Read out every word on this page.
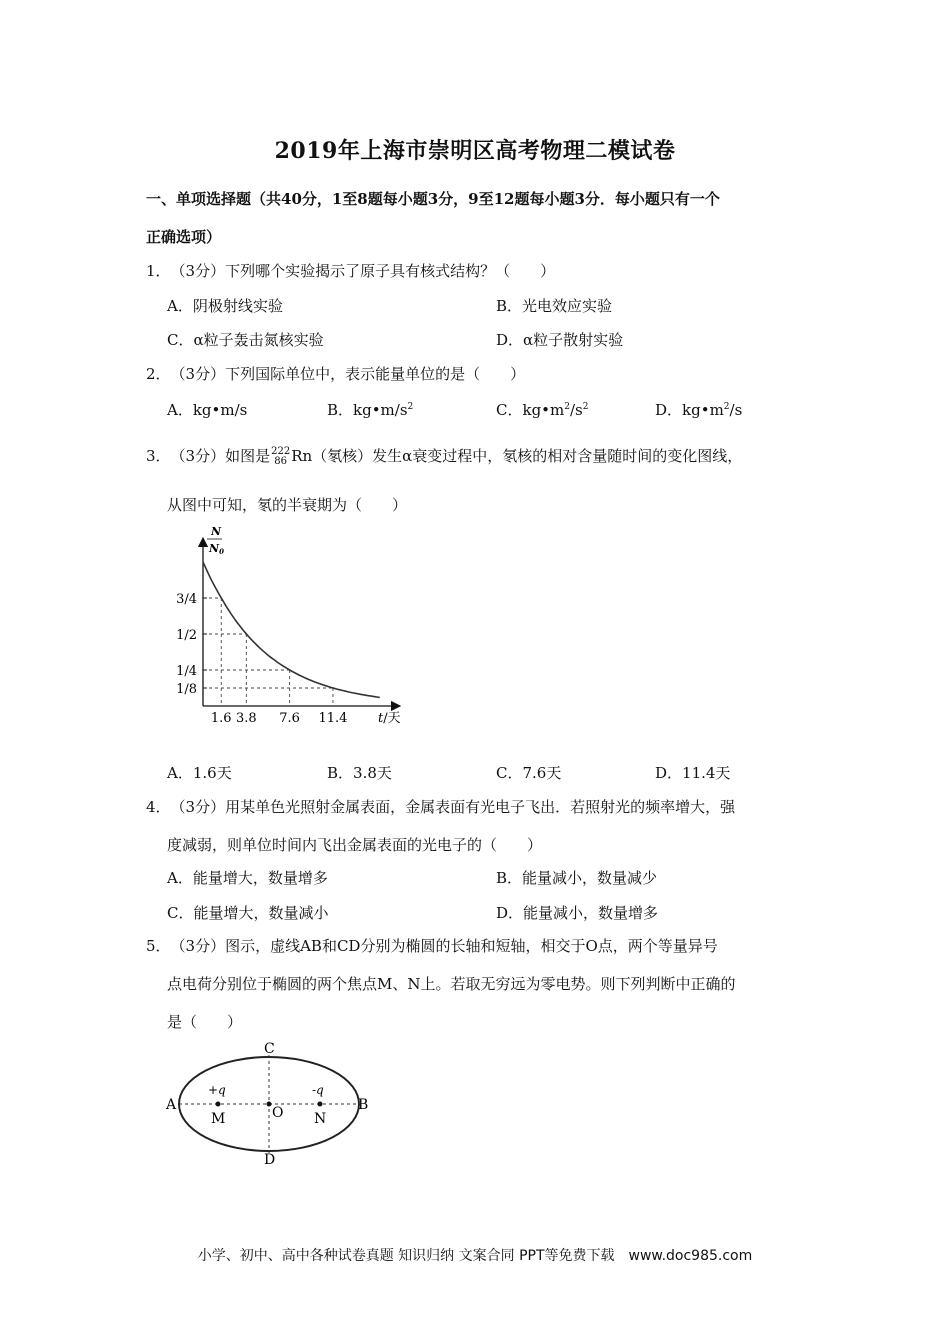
2019年上海市崇明区高考物理二模试卷
一、单项选择题（共40分，1至8题每小题3分，9至12题每小题3分．每小题只有一个
正确选项）
1．（3分）下列哪个实验揭示了原子具有核式结构？（　　）
A．阴极射线实验	B．光电效应实验
C．α粒子轰击氮核实验	D．α粒子散射实验
2．（3分）下列国际单位中，表示能量单位的是（　　）
A．kg•m/s	B．$kg•m/s^2$	C．$kg•m^2/s^2$	D．$kg•m^2/s$
3．（3分）如图是 222
86 Rn（氡核）发生α衰变过程中，氡核的相对含量随时间的变化图线，
从图中可知，氡的半衰期为（　　）
N
N0
1.6 3.8 7.6 11.4
3/4
1/2
1/4
1/8
t/天
A．1.6天	B．3.8天	C．7.6天	D．11.4天
4．（3分）用某单色光照射金属表面，金属表面有光电子飞出．若照射光的频率增大，强
度减弱，则单位时间内飞出金属表面的光电子的（　　）
A．能量增大，数量增多	B．能量减小，数量减少
C．能量增大，数量减小	D．能量减小，数量增多
5．（3分）图示，虚线AB和CD分别为椭圆的长轴和短轴，相交于O点，两个等量异号
点电荷分别位于椭圆的两个焦点M、N上。若取无穷远为零电势。则下列判断中正确的
是（　　）
A	B
C
D
M	O N
+q	-q
小学、初中、高中各种试卷真题 知识归纳 文案合同 PPT等免费下载　www.doc985.com
